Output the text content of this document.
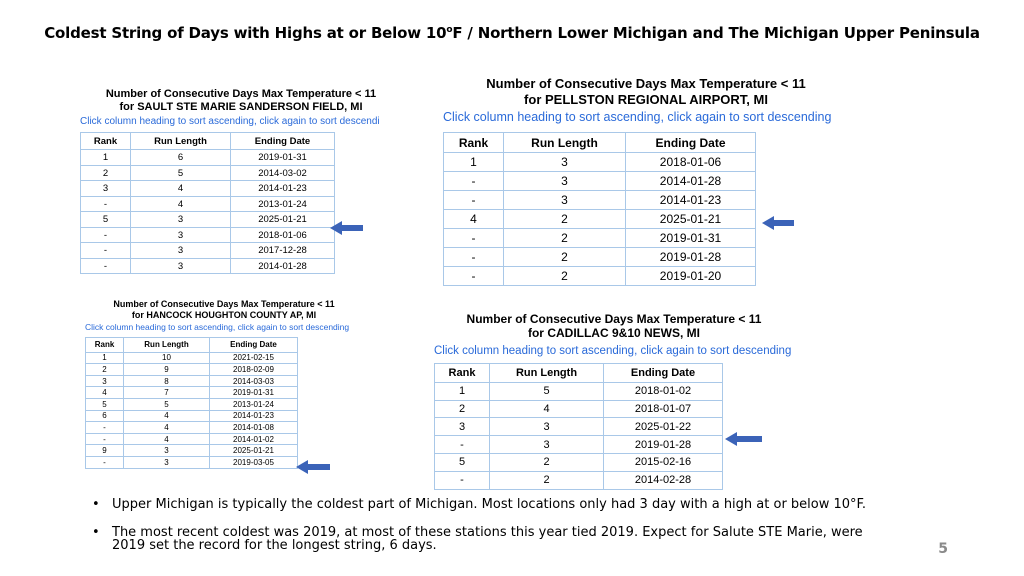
Coldest String of Days with Highs at or Below 10$^o$F / Northern Lower Michigan and The Michigan Upper Peninsula
Number of Consecutive Days Max Temperature < 11
for SAULT STE MARIE SANDERSON FIELD, MI
Click column heading to sort ascending, click again to sort descendi
Rank	Run Length	Ending Date
1	6	2019-01-31
2	5	2014-03-02
3	4	2014-01-23
-	4	2013-01-24
5	3	2025-01-21
-	3	2018-01-06
-	3	2017-12-28
-	3	2014-01-28
Number of Consecutive Days Max Temperature < 11
for PELLSTON REGIONAL AIRPORT, MI
Click column heading to sort ascending, click again to sort descending
Rank	Run Length	Ending Date
1	3	2018-01-06
-	3	2014-01-28
-	3	2014-01-23
4	2	2025-01-21
-	2	2019-01-31
-	2	2019-01-28
-	2	2019-01-20
Number of Consecutive Days Max Temperature < 11
for HANCOCK HOUGHTON COUNTY AP, MI
Click column heading to sort ascending, click again to sort descending
Rank	Run Length	Ending Date
1	10	2021-02-15
2	9	2018-02-09
3	8	2014-03-03
4	7	2019-01-31
5	5	2013-01-24
6	4	2014-01-23
-	4	2014-01-08
-	4	2014-01-02
9	3	2025-01-21
-	3	2019-03-05
Number of Consecutive Days Max Temperature < 11
for CADILLAC 9&10 NEWS, MI
Click column heading to sort ascending, click again to sort descending
Rank	Run Length	Ending Date
1	5	2018-01-02
2	4	2018-01-07
3	3	2025-01-22
-	3	2019-01-28
5	2	2015-02-16
-	2	2014-02-28
• Upper Michigan is typically the coldest part of Michigan. Most locations only had 3 day with a high at or below 10°F.
• The most recent coldest was 2019, at most of these stations this year tied 2019. Expect for Salute STE Marie, were 2019 set the record for the longest string, 6 days.	5
